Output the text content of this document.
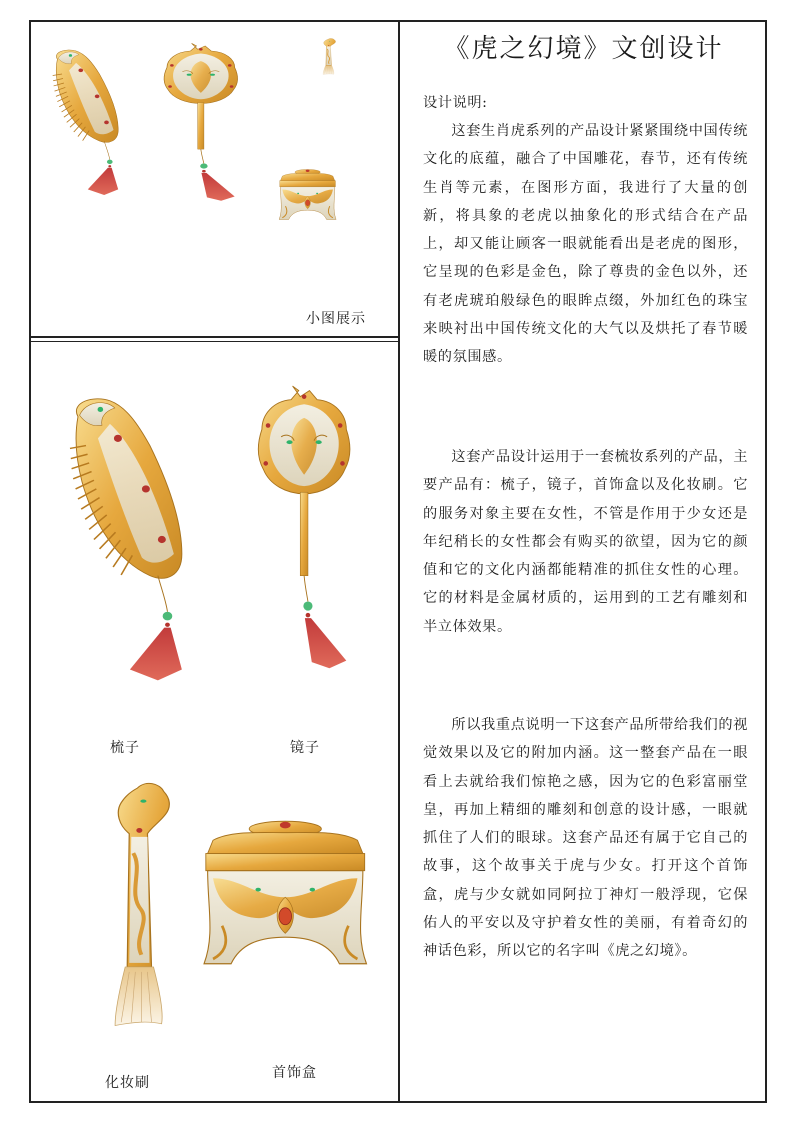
《虎之幻境》文创设计
设计说明:

这套生肖虎系列的产品设计紧紧围绕中国传统文化的底蕴，融合了中国雕花，春节，还有传统生肖等元素，在图形方面，我进行了大量的创新，将具象的老虎以抽象化的形式结合在产品上，却又能让顾客一眼就能看出是老虎的图形，它呈现的色彩是金色，除了尊贵的金色以外，还有老虎琥珀般绿色的眼眸点缀，外加红色的珠宝来映衬出中国传统文化的大气以及烘托了春节暖暖的氛围感。

这套产品设计运用于一套梳妆系列的产品，主要产品有：梳子，镜子，首饰盒以及化妆刷。它的服务对象主要在女性，不管是作用于少女还是年纪稍长的女性都会有购买的欲望，因为它的颜值和它的文化内涵都能精准的抓住女性的心理。它的材料是金属材质的，运用到的工艺有雕刻和半立体效果。

所以我重点说明一下这套产品所带给我们的视觉效果以及它的附加内涵。这一整套产品在一眼看上去就给我们惊艳之感，因为它的色彩富丽堂皇，再加上精细的雕刻和创意的设计感，一眼就抓住了人们的眼球。这套产品还有属于它自己的故事，这个故事关于虎与少女。打开这个首饰盒，虎与少女就如同阿拉丁神灯一般浮现，它保佑人的平安以及守护着女性的美丽，有着奇幻的神话色彩，所以它的名字叫《虎之幻境》。

小图展示
梳子	镜子
化妆刷
首饰盒
